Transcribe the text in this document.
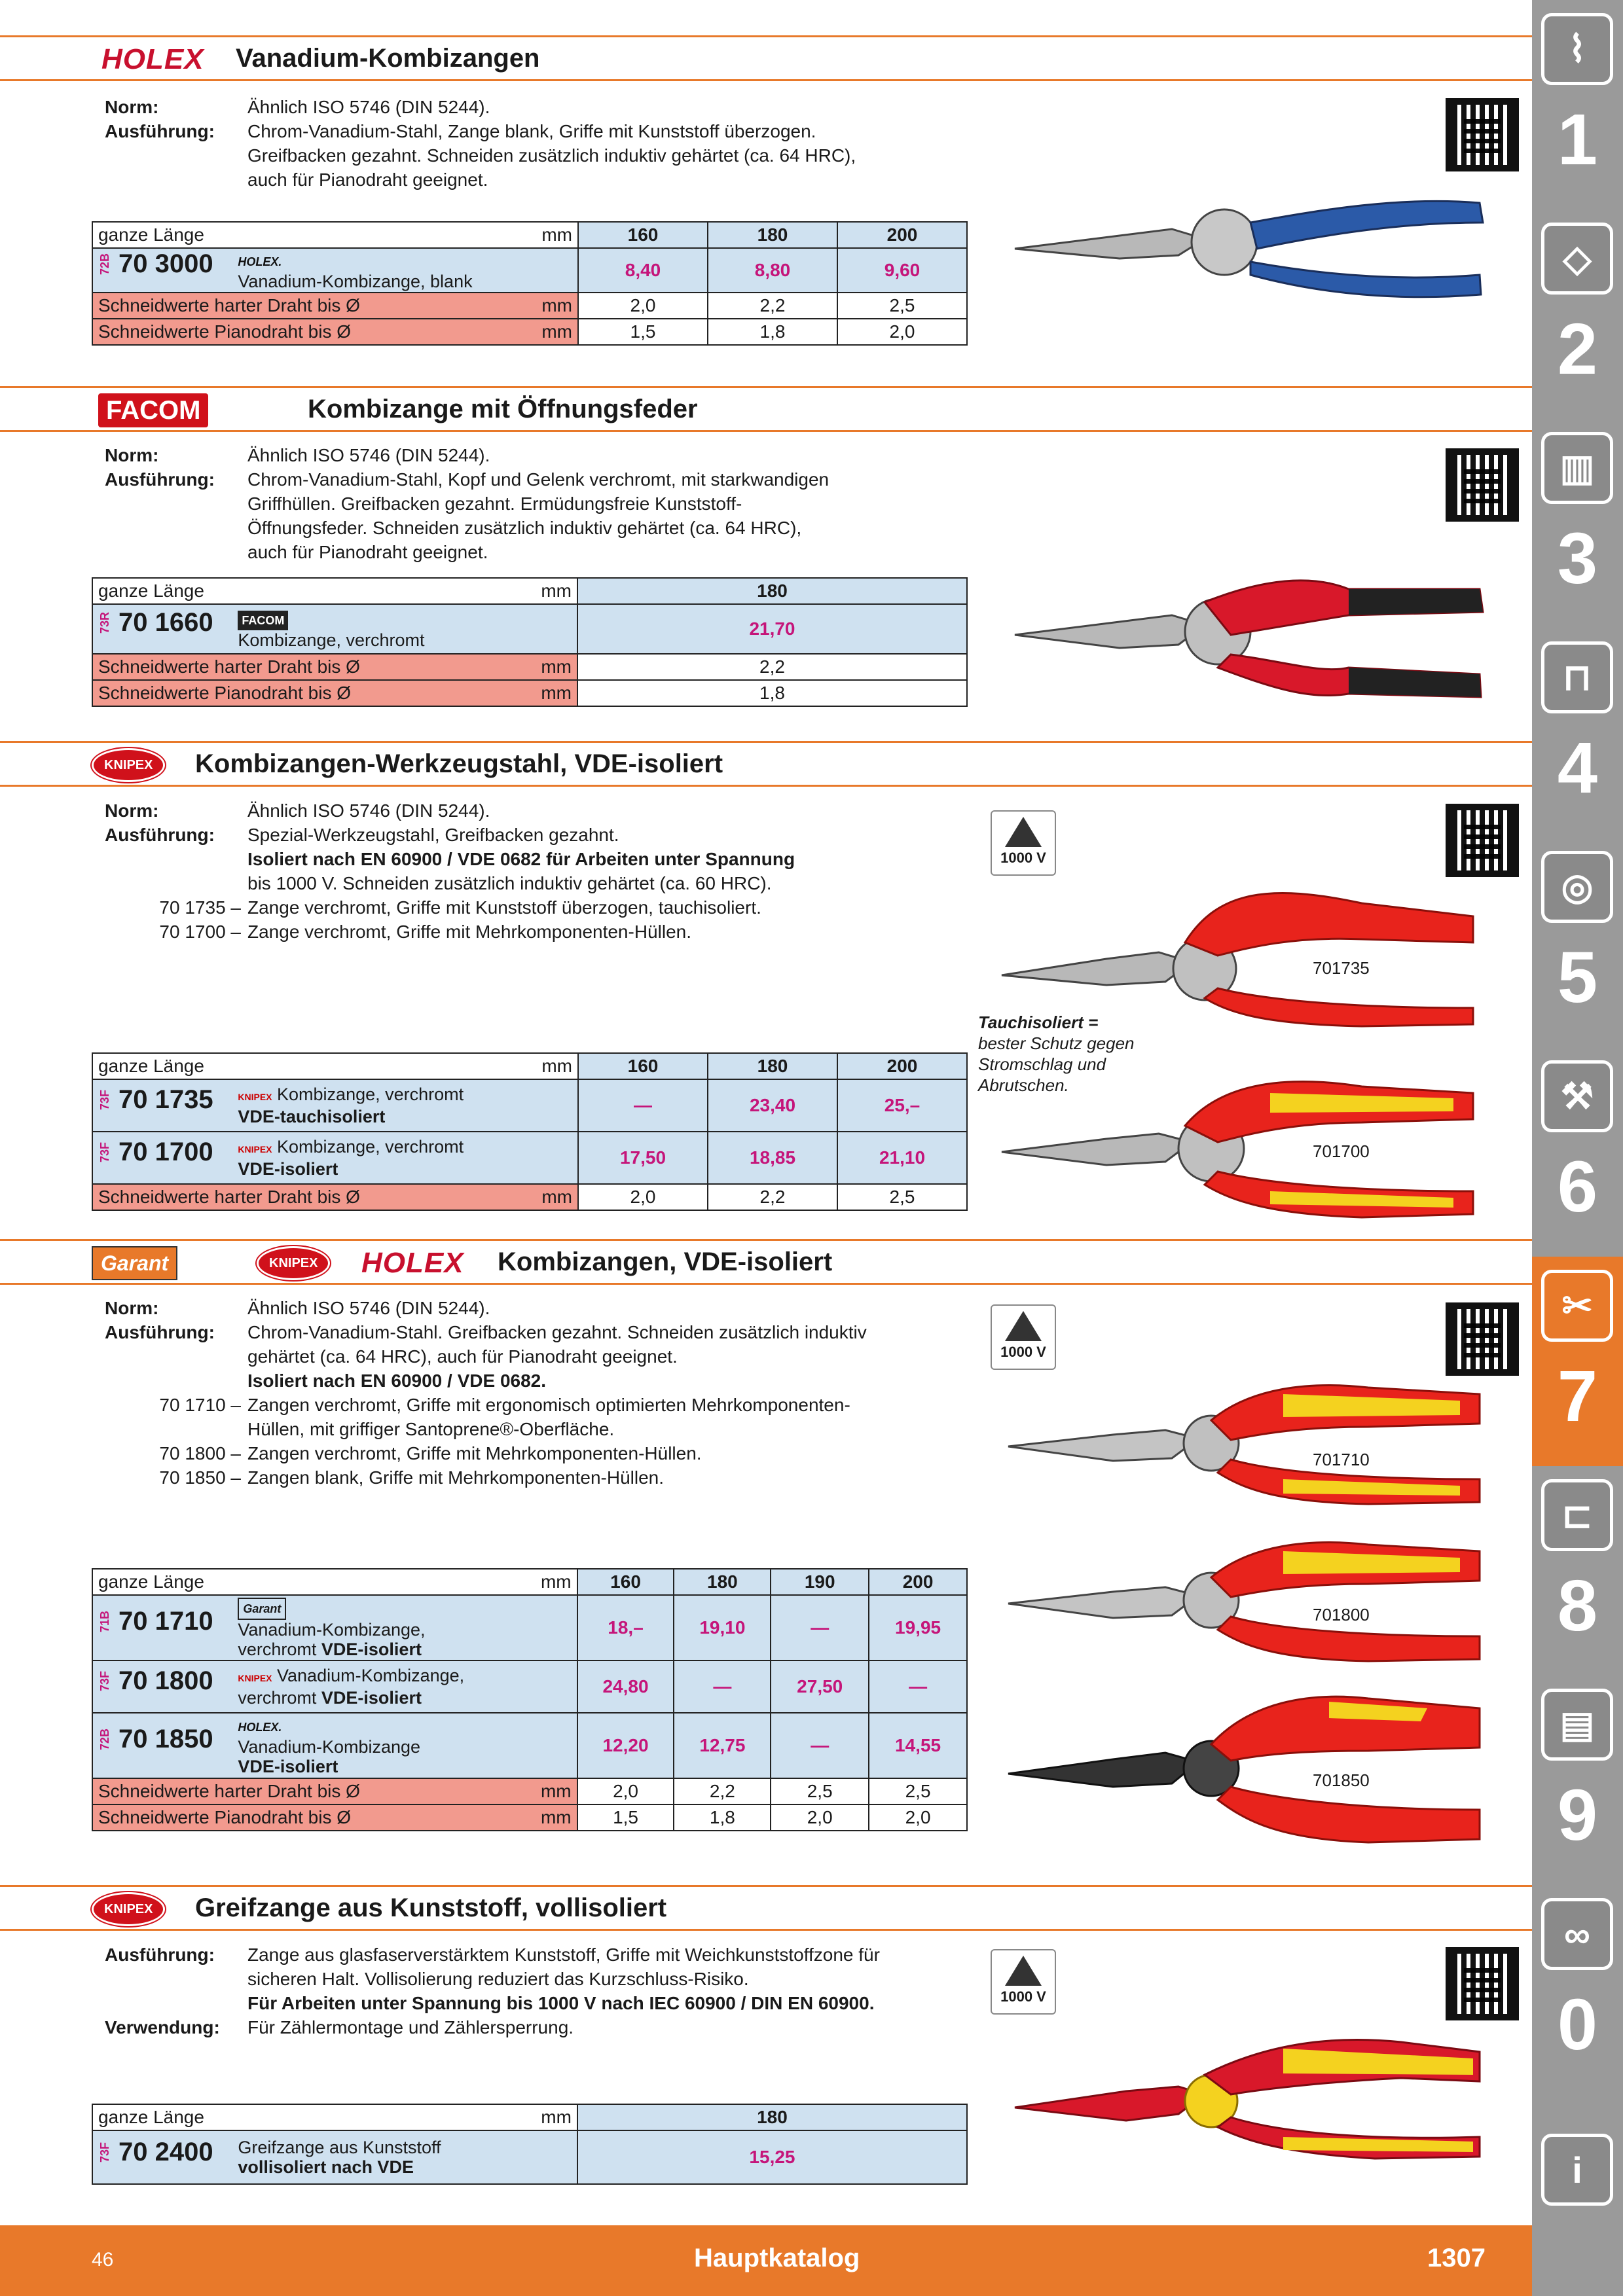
HOLEX Vanadium-Kombizangen
Norm:	Ähnlich ISO 5746 (DIN 5244).
Ausführung:	Chrom-Vanadium-Stahl, Zange blank, Griffe mit Kunststoff überzogen.
Greifbacken gezahnt. Schneiden zusätzlich induktiv gehärtet (ca. 64 HRC),
auch für Pianodraht geeignet.
ganze Länge mm	160	180	200

72B 70 3000 HOLEX.
Vanadium-Kombizange, blank	8,40	8,80	9,60
Schneidwerte harter Draht bis Ø mm	2,0	2,2	2,5
Schneidwerte Pianodraht bis Ø mm	1,5	1,8	2,0
FACOM	Kombizange mit Öffnungsfeder
Norm:	Ähnlich ISO 5746 (DIN 5244).
Ausführung:	Chrom-Vanadium-Stahl, Kopf und Gelenk verchromt, mit starkwandigen
Griffhüllen. Greifbacken gezahnt. Ermüdungsfreie Kunststoff-
Öffnungsfeder. Schneiden zusätzlich induktiv gehärtet (ca. 64 HRC),
auch für Pianodraht geeignet.
ganze Länge mm	180

73R 70 1660 FACOM
Kombizange, verchromt	21,70
Schneidwerte harter Draht bis Ø mm	2,2
Schneidwerte Pianodraht bis Ø mm	1,8
KNIPEX	Kombizangen-Werkzeugstahl, VDE-isoliert
Norm:	Ähnlich ISO 5746 (DIN 5244).
Ausführung:	Spezial-Werkzeugstahl, Greifbacken gezahnt.
Isoliert nach EN 60900 / VDE 0682 für Arbeiten unter Spannung
bis 1000 V. Schneiden zusätzlich induktiv gehärtet (ca. 60 HRC).
70 1735 – Zange verchromt, Griffe mit Kunststoff überzogen, tauchisoliert.
70 1700 – Zange verchromt, Griffe mit Mehrkomponenten-Hüllen.
1000 V
Tauchisoliert =
bester Schutz gegen
Stromschlag und
Abrutschen.
701735
701700
ganze Länge mm	160	180	200

73F 70 1735 KNIPEX Kombizange, verchromt
VDE-tauchisoliert	—	23,40	25,–

73F 70 1700 KNIPEX Kombizange, verchromt
VDE-isoliert	17,50	18,85	21,10
Schneidwerte harter Draht bis Ø mm	2,0	2,2	2,5
Garant	KNIPEX	HOLEX Kombizangen, VDE-isoliert
Norm:	Ähnlich ISO 5746 (DIN 5244).
Ausführung:	Chrom-Vanadium-Stahl. Greifbacken gezahnt. Schneiden zusätzlich induktiv
gehärtet (ca. 64 HRC), auch für Pianodraht geeignet.
Isoliert nach EN 60900 / VDE 0682.
70 1710 – Zangen verchromt, Griffe mit ergonomisch optimierten Mehrkomponenten-
Hüllen, mit griffiger Santoprene®-Oberfläche.
70 1800 – Zangen verchromt, Griffe mit Mehrkomponenten-Hüllen.
70 1850 – Zangen blank, Griffe mit Mehrkomponenten-Hüllen.
1000 V
701710
701800
701850
ganze Länge mm	160	180	190	200

71B 70 1710 Garant
Vanadium-Kombizange,
verchromt VDE-isoliert	18,–	19,10	—	19,95

73F 70 1800 KNIPEX Vanadium-Kombizange,
verchromt VDE-isoliert	24,80	—	27,50	—

72B 70 1850 HOLEX.
Vanadium-Kombizange
VDE-isoliert	12,20	12,75	—	14,55
Schneidwerte harter Draht bis Ø mm	2,0	2,2	2,5	2,5
Schneidwerte Pianodraht bis Ø mm	1,5	1,8	2,0	2,0
KNIPEX	Greifzange aus Kunststoff, vollisoliert
Ausführung:	Zange aus glasfaserverstärktem Kunststoff, Griffe mit Weichkunststoffzone für
sicheren Halt. Vollisolierung reduziert das Kurzschluss-Risiko.
Für Arbeiten unter Spannung bis 1000 V nach IEC 60900 / DIN EN 60900.
Verwendung:	Für Zählermontage und Zählersperrung.
1000 V
ganze Länge mm	180

73F 70 2400 Greifzange aus Kunststoff
vollisoliert nach VDE	15,25
46	Hauptkatalog	1307
⌇
1
◇
2
▥
3
⊓
4
◎
5
⚒
6
✂
7
⊏
8
▤
9
∞
0
i
